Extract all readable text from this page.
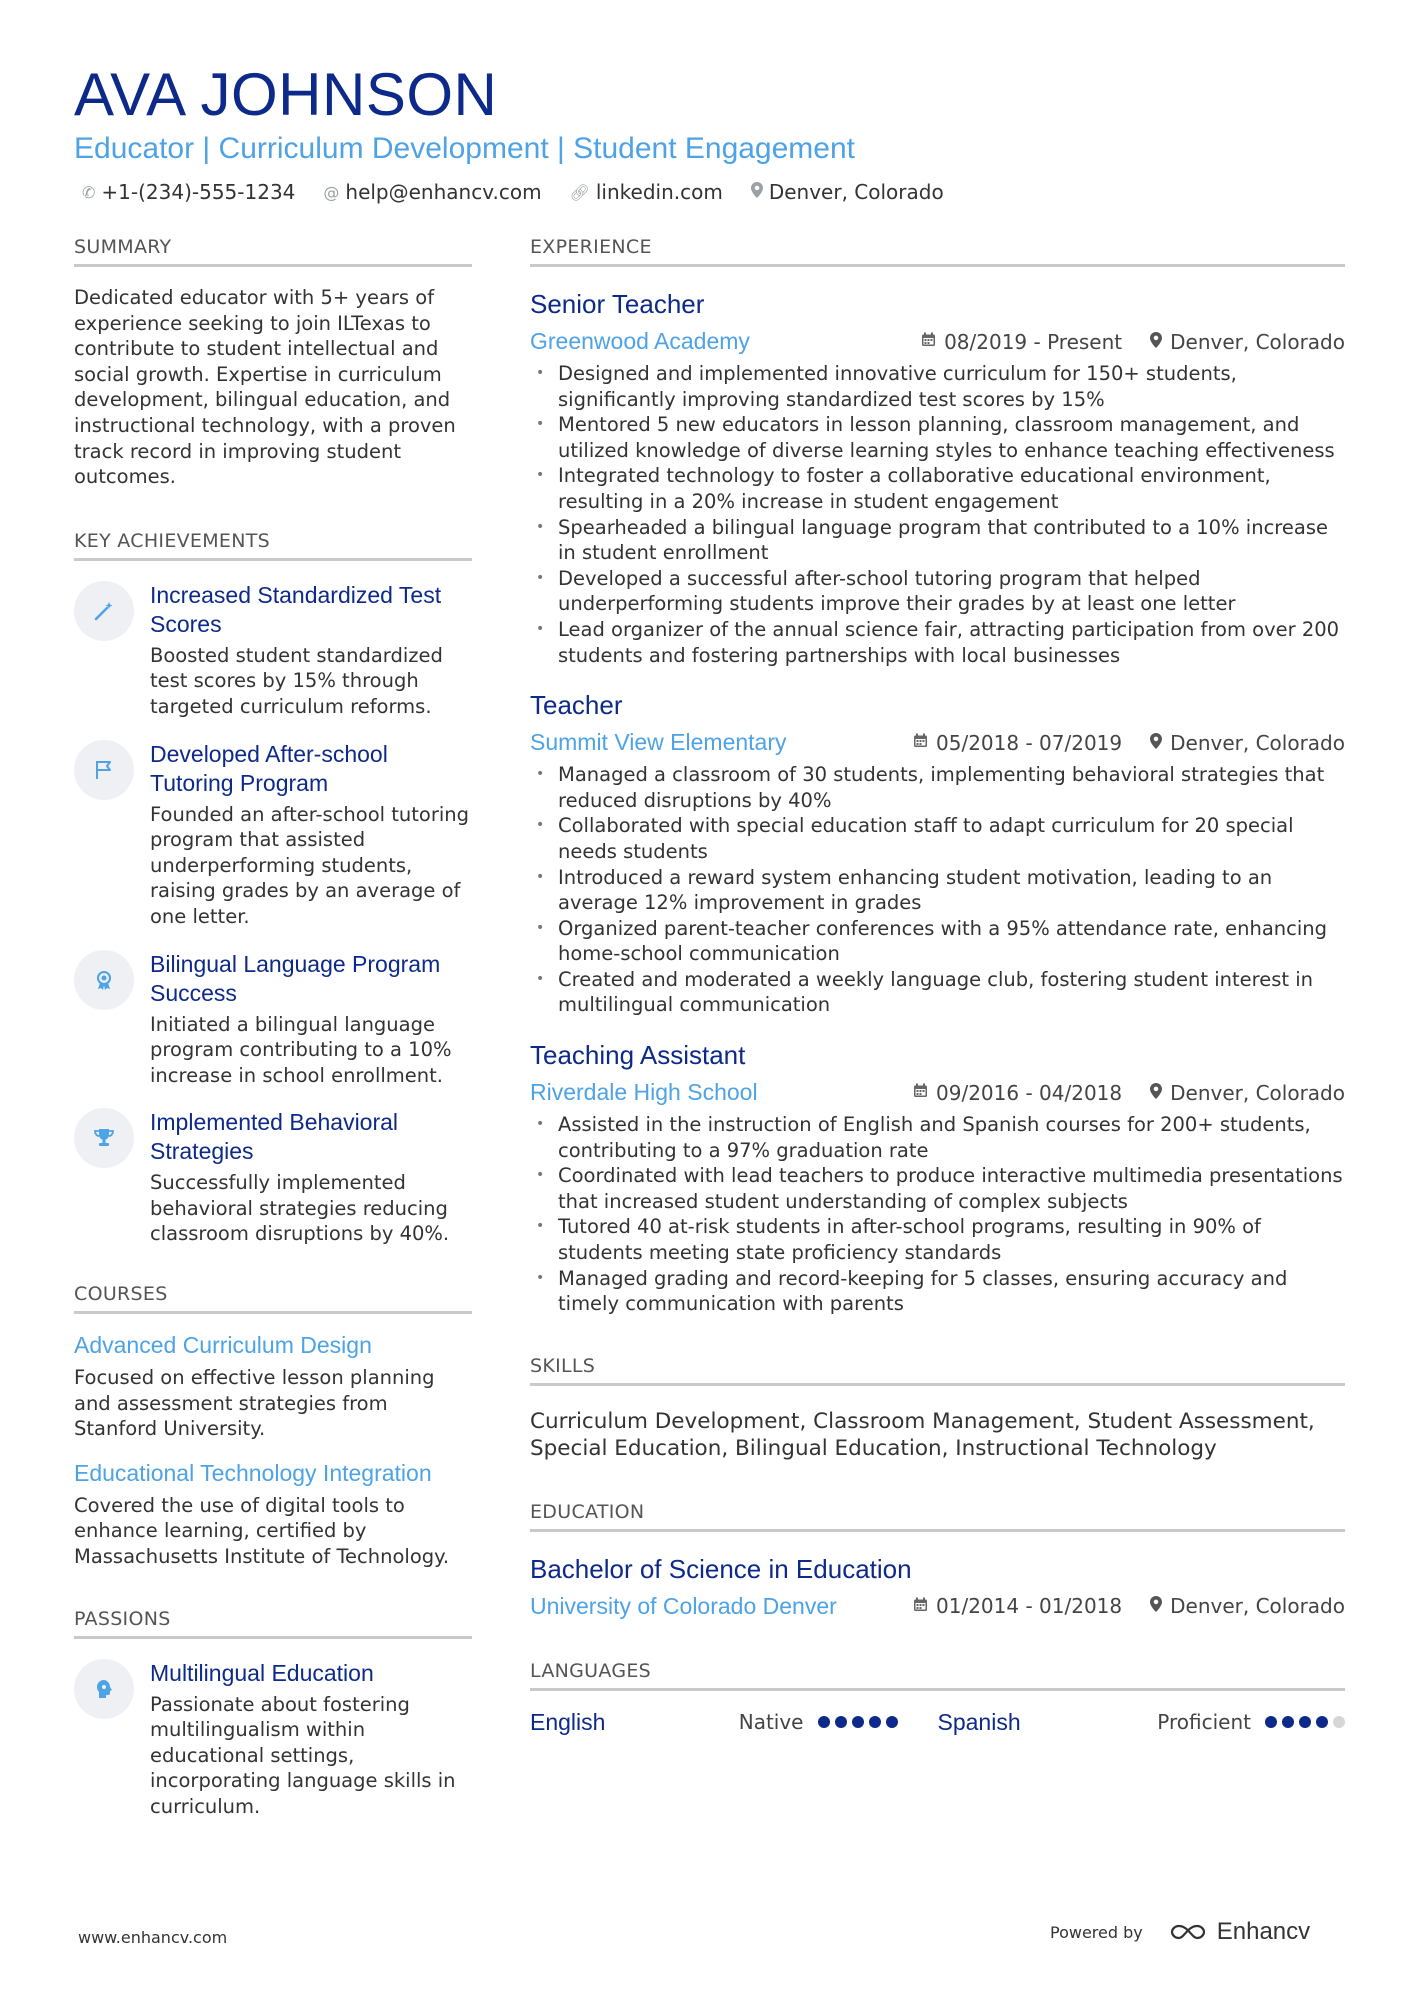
AVA JOHNSON
Educator | Curriculum Development | Student Engagement
✆ +1-(234)-555-1234 @ help@enhancv.com 🔗︎ linkedin.com Denver, Colorado
SUMMARY
Dedicated educator with 5+ years of experience seeking to join ILTexas to contribute to student intellectual and social growth. Expertise in curriculum development, bilingual education, and instructional technology, with a proven track record in improving student outcomes.
KEY ACHIEVEMENTS
Increased Standardized Test Scores
Boosted student standardized test scores by 15% through targeted curriculum reforms.
Developed After-school Tutoring Program
Founded an after-school tutoring program that assisted underperforming students, raising grades by an average of one letter.
Bilingual Language Program Success
Initiated a bilingual language program contributing to a 10% increase in school enrollment.
Implemented Behavioral Strategies
Successfully implemented behavioral strategies reducing classroom disruptions by 40%.
COURSES
Advanced Curriculum Design
Focused on effective lesson planning and assessment strategies from Stanford University.
Educational Technology Integration
Covered the use of digital tools to enhance learning, certified by Massachusetts Institute of Technology.
PASSIONS
Multilingual Education
Passionate about fostering multilingualism within educational settings, incorporating language skills in curriculum.
EXPERIENCE
Senior Teacher
Greenwood Academy	08/2019 - Present Denver, Colorado
• Designed and implemented innovative curriculum for 150+ students, significantly improving standardized test scores by 15%
• Mentored 5 new educators in lesson planning, classroom management, and utilized knowledge of diverse learning styles to enhance teaching effectiveness
• Integrated technology to foster a collaborative educational environment, resulting in a 20% increase in student engagement
• Spearheaded a bilingual language program that contributed to a 10% increase in student enrollment
• Developed a successful after-school tutoring program that helped underperforming students improve their grades by at least one letter
• Lead organizer of the annual science fair, attracting participation from over 200 students and fostering partnerships with local businesses
Teacher
Summit View Elementary	05/2018 - 07/2019 Denver, Colorado
• Managed a classroom of 30 students, implementing behavioral strategies that reduced disruptions by 40%
• Collaborated with special education staff to adapt curriculum for 20 special needs students
• Introduced a reward system enhancing student motivation, leading to an average 12% improvement in grades
• Organized parent-teacher conferences with a 95% attendance rate, enhancing home-school communication
• Created and moderated a weekly language club, fostering student interest in multilingual communication
Teaching Assistant
Riverdale High School	09/2016 - 04/2018 Denver, Colorado
• Assisted in the instruction of English and Spanish courses for 200+ students, contributing to a 97% graduation rate
• Coordinated with lead teachers to produce interactive multimedia presentations that increased student understanding of complex subjects
• Tutored 40 at-risk students in after-school programs, resulting in 90% of students meeting state proficiency standards
• Managed grading and record-keeping for 5 classes, ensuring accuracy and timely communication with parents
SKILLS
Curriculum Development, Classroom Management, Student Assessment, Special Education, Bilingual Education, Instructional Technology
EDUCATION
Bachelor of Science in Education
University of Colorado Denver	01/2014 - 01/2018 Denver, Colorado
LANGUAGES
English	Native	Spanish	Proficient
www.enhancv.com	Powered by	Enhancv
